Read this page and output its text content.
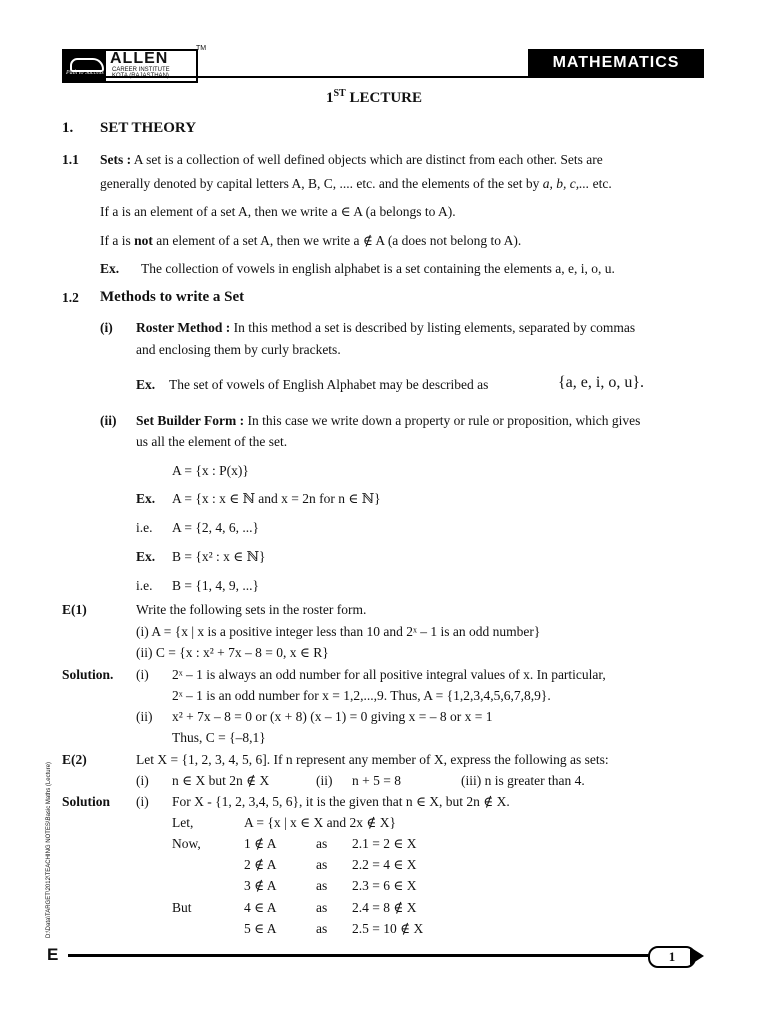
Path to Success
ALLEN
CAREER INSTITUTE

TM
MATHEMATICS
1ST LECTURE
1. SET THEORY
1.1 Sets : A set is a collection of well defined objects which are distinct from each other. Sets are
generally denoted by capital letters A, B, C, .... etc. and the elements of the set by a, b, c,... etc.
If a is an element of a set A, then we write a ∈ A (a belongs to A).
If a is not an element of a set A, then we write a ∉ A (a does not belong to A).
Ex. The collection of vowels in english alphabet is a set containing the elements a, e, i, o, u.
1.2 Methods to write a Set
(i) Roster Method : In this method a set is described by listing elements, separated by commas
and enclosing them by curly brackets.
Ex. The set of vowels of English Alphabet may be described as	{a, e, i, o, u}.
(ii) Set Builder Form : In this case we write down a property or rule or proposition, which gives
us all the element of the set.
A = {x : P(x)}
Ex. A = {x : x ∈ ℕ and x = 2n for n ∈ ℕ}
i.e. A = {2, 4, 6, ...}
Ex. B = {x² : x ∈ ℕ}
i.e. B = {1, 4, 9, ...}
E(1)	Write the following sets in the roster form.
(i) A = {x | x is a positive integer less than 10 and 2ˣ – 1 is an odd number}
(ii) C = {x : x² + 7x – 8 = 0, x ∈ R}
Solution. (i) 2ˣ – 1 is always an odd number for all positive integral values of x. In particular,
2ˣ – 1 is an odd number for x = 1,2,...,9. Thus, A = {1,2,3,4,5,6,7,8,9}.
(ii) x² + 7x – 8 = 0 or (x + 8) (x – 1) = 0 giving x = – 8 or x = 1
Thus, C = {–8,1}
E(2)	Let X = {1, 2, 3, 4, 5, 6]. If n represent any member of X, express the following as sets:
(i) n ∈ X but 2n ∉ X	(ii) n + 5 = 8	(iii) n is greater than 4.
Solution (i) For X - {1, 2, 3,4, 5, 6}, it is the given that n ∈ X, but 2n ∉ X.
Let,	A = {x | x ∈ X and 2x ∉ X}
Now,	1 ∉ A	as 2.1 = 2 ∈ X
2 ∉ A	as 2.2 = 4 ∈ X
3 ∉ A	as 2.3 = 6 ∈ X
But	4 ∈ A	as 2.4 = 8 ∉ X
5 ∈ A	as 2.5 = 10 ∉ X
D:\Data\TARGET\2012\TEACHING NOTES\Basic Maths (Lecture)
E	1
